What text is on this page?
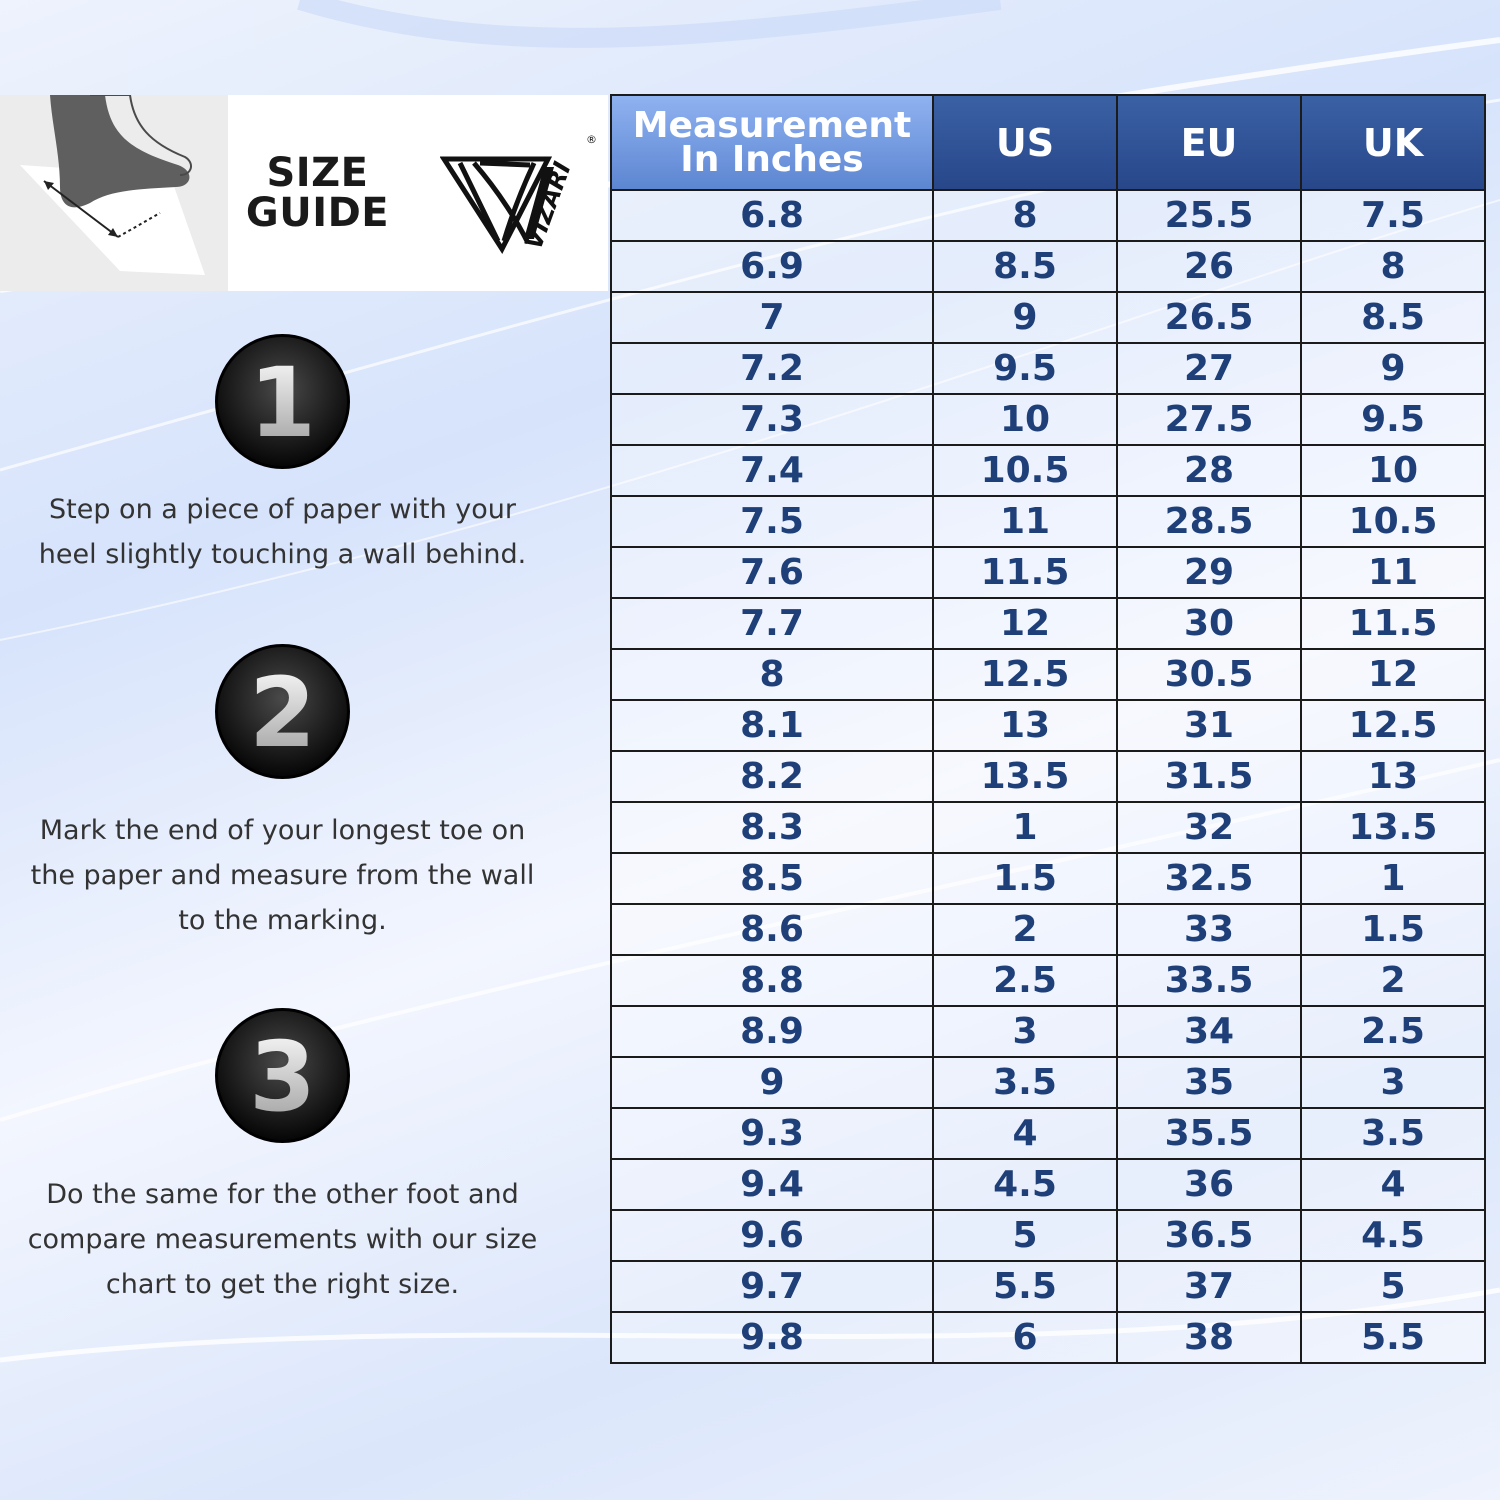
SIZE
GUIDE	VIZARI
®
1
Step on a piece of paper with your heel slightly touching a wall behind.
2
Mark the end of your longest toe on the paper and measure from the wall to the marking.
3
Do the same for the other foot and compare measurements with our size chart to get the right size.
Measurement
In Inches	US	EU	UK
6.8	8	25.5	7.5
6.9	8.5	26	8
7	9	26.5	8.5
7.2	9.5	27	9
7.3	10	27.5	9.5
7.4	10.5	28	10
7.5	11	28.5	10.5
7.6	11.5	29	11
7.7	12	30	11.5
8	12.5	30.5	12
8.1	13	31	12.5
8.2	13.5	31.5	13
8.3	1	32	13.5
8.5	1.5	32.5	1
8.6	2	33	1.5
8.8	2.5	33.5	2
8.9	3	34	2.5
9	3.5	35	3
9.3	4	35.5	3.5
9.4	4.5	36	4
9.6	5	36.5	4.5
9.7	5.5	37	5
9.8	6	38	5.5
